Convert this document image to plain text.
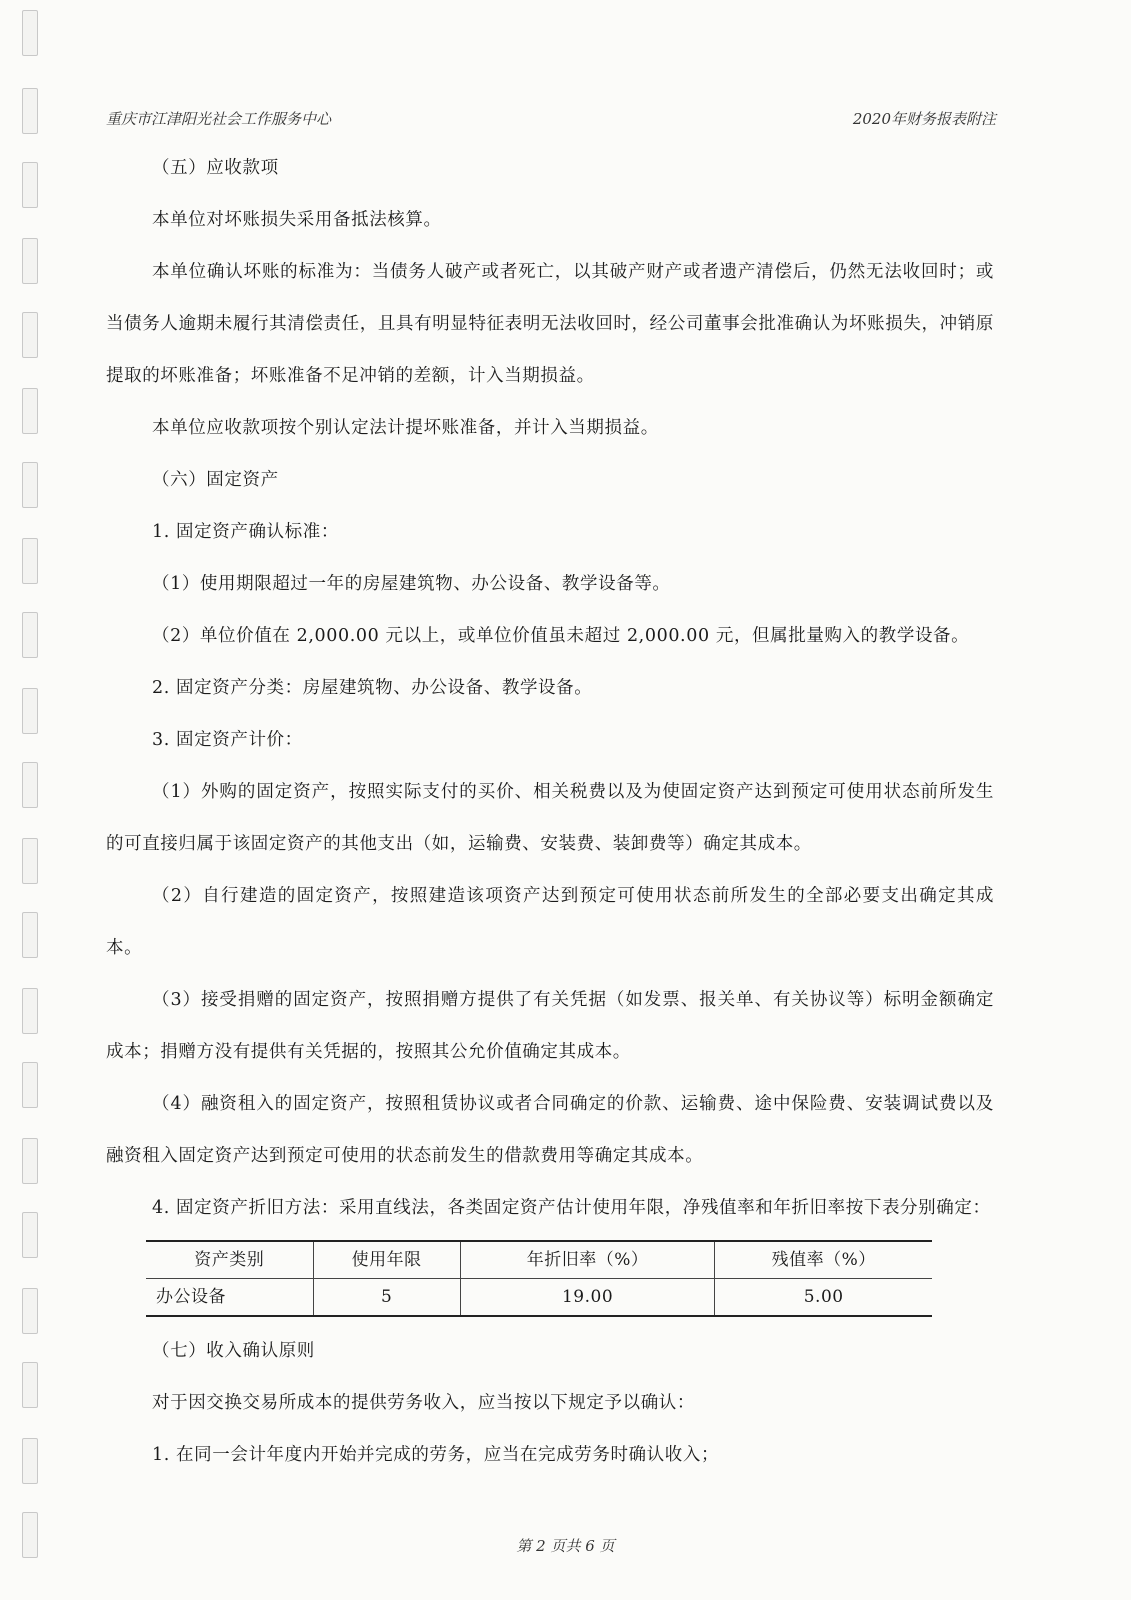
重庆市江津阳光社会工作服务中心	2020年财务报表附注

（五）应收款项

本单位对坏账损失采用备抵法核算。

本单位确认坏账的标准为：当债务人破产或者死亡，以其破产财产或者遗产清偿后，仍然无法收回时；或当债务人逾期未履行其清偿责任，且具有明显特征表明无法收回时，经公司董事会批准确认为坏账损失，冲销原提取的坏账准备；坏账准备不足冲销的差额，计入当期损益。

本单位应收款项按个别认定法计提坏账准备，并计入当期损益。

（六）固定资产

1. 固定资产确认标准：

（1）使用期限超过一年的房屋建筑物、办公设备、教学设备等。

（2）单位价值在 2,000.00 元以上，或单位价值虽未超过 2,000.00 元，但属批量购入的教学设备。

2. 固定资产分类：房屋建筑物、办公设备、教学设备。

3. 固定资产计价：

（1）外购的固定资产，按照实际支付的买价、相关税费以及为使固定资产达到预定可使用状态前所发生的可直接归属于该固定资产的其他支出（如，运输费、安装费、装卸费等）确定其成本。

（2）自行建造的固定资产，按照建造该项资产达到预定可使用状态前所发生的全部必要支出确定其成本。

（3）接受捐赠的固定资产，按照捐赠方提供了有关凭据（如发票、报关单、有关协议等）标明金额确定成本；捐赠方没有提供有关凭据的，按照其公允价值确定其成本。

（4）融资租入的固定资产，按照租赁协议或者合同确定的价款、运输费、途中保险费、安装调试费以及融资租入固定资产达到预定可使用的状态前发生的借款费用等确定其成本。

4. 固定资产折旧方法：采用直线法，各类固定资产估计使用年限，净残值率和年折旧率按下表分别确定：

资产类别	使用年限	年折旧率（%）	残值率（%）
办公设备	5	19.00	5.00

（七）收入确认原则

对于因交换交易所成本的提供劳务收入，应当按以下规定予以确认：

1. 在同一会计年度内开始并完成的劳务，应当在完成劳务时确认收入；

第 2 页共 6 页
